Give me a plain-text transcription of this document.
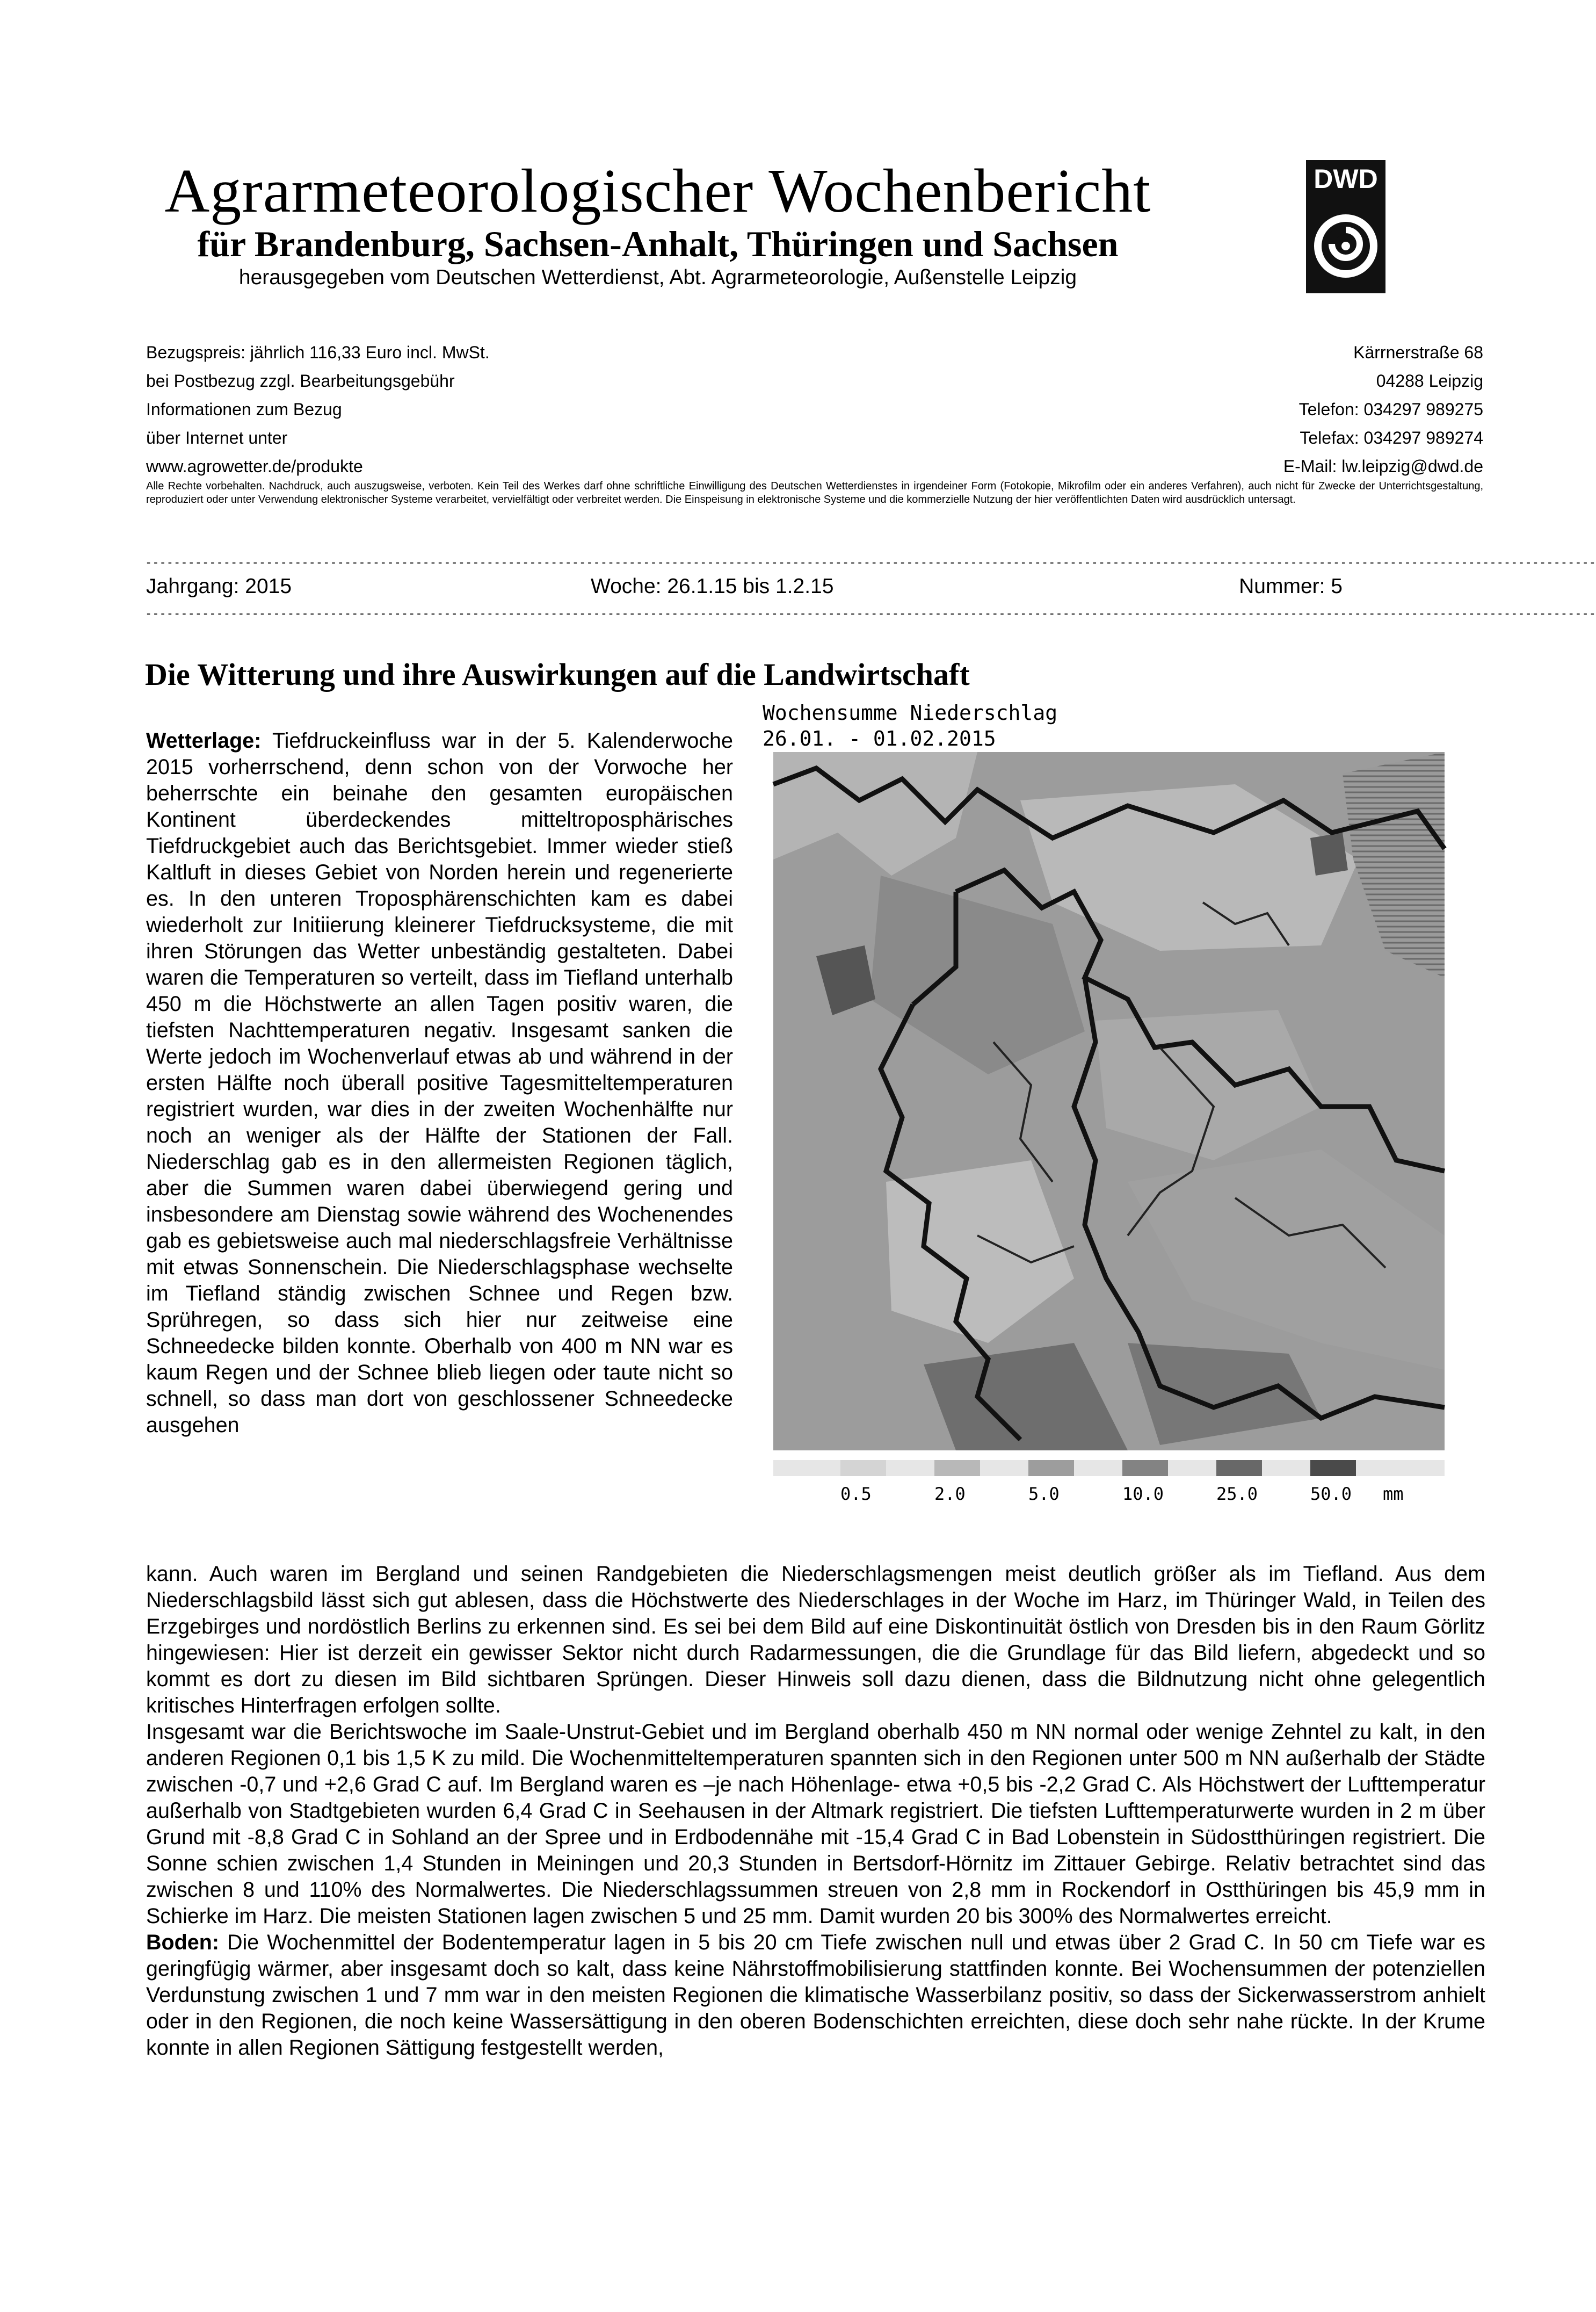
Agrarmeteorologischer Wochenbericht
für Brandenburg, Sachsen-Anhalt, Thüringen und Sachsen
herausgegeben vom Deutschen Wetterdienst, Abt. Agrarmeteorologie, Außenstelle Leipzig
DWD
Bezugspreis: jährlich 116,33 Euro incl. MwSt.
bei Postbezug zzgl. Bearbeitungsgebühr
Informationen zum Bezug
über Internet unter
www.agrowetter.de/produkte
Kärrnerstraße 68
04288 Leipzig
Telefon: 034297 989275
Telefax: 034297 989274
E-Mail: lw.leipzig@dwd.de
Alle Rechte vorbehalten. Nachdruck, auch auszugsweise, verboten. Kein Teil des Werkes darf ohne schriftliche Einwilligung des Deutschen Wetterdienstes in irgendeiner Form (Fotokopie, Mikrofilm oder ein anderes Verfahren), auch nicht für Zwecke der Unterrichtsgestaltung, reproduziert oder unter Verwendung elektronischer Systeme verarbeitet, vervielfältigt oder verbreitet werden. Die Einspeisung in elektronische Systeme und die kommerzielle Nutzung der hier veröffentlichten Daten wird ausdrücklich untersagt.
------------------------------------------------------------------------------------------------------------------------------------------------------------------------------------------------------------
Jahrgang: 2015	Woche: 26.1.15 bis 1.2.15	Nummer: 5
------------------------------------------------------------------------------------------------------------------------------------------------------------------------------------------------------------
Die Witterung und ihre Auswirkungen auf die Landwirtschaft
Wetterlage: Tiefdruckeinfluss war in der 5. Kalenderwoche 2015 vorherrschend, denn schon von der Vorwoche her beherrschte ein beinahe den gesamten europäischen Kontinent überdeckendes mitteltroposphärisches Tiefdruckgebiet auch das Berichtsgebiet. Immer wieder stieß Kaltluft in dieses Gebiet von Norden herein und regenerierte es. In den unteren Troposphärenschichten kam es dabei wiederholt zur Initiierung kleinerer Tiefdrucksysteme, die mit ihren Störungen das Wetter unbeständig gestalteten. Dabei waren die Temperaturen so verteilt, dass im Tiefland unterhalb 450 m die Höchstwerte an allen Tagen positiv waren, die tiefsten Nachttemperaturen negativ. Insgesamt sanken die Werte jedoch im Wochenverlauf etwas ab und während in der ersten Hälfte noch überall positive Tagesmitteltemperaturen registriert wurden, war dies in der zweiten Wochenhälfte nur noch an weniger als der Hälfte der Stationen der Fall. Niederschlag gab es in den allermeisten Regionen täglich, aber die Summen waren dabei überwiegend gering und insbesondere am Dienstag sowie während des Wochenendes gab es gebietsweise auch mal niederschlagsfreie Verhältnisse mit etwas Sonnenschein. Die Niederschlagsphase wechselte im Tiefland ständig zwischen Schnee und Regen bzw. Sprühregen, so dass sich hier nur zeitweise eine Schneedecke bilden konnte. Oberhalb von 400 m NN war es kaum Regen und der Schnee blieb liegen oder taute nicht so schnell, so dass man dort von geschlossener Schneedecke ausgehen
Wochensumme Niederschlag
26.01. - 01.02.2015
0.5	2.0	5.0	10.0	25.0	50.0 mm
kann. Auch waren im Bergland und seinen Randgebieten die Niederschlagsmengen meist deutlich größer als im Tiefland. Aus dem Niederschlagsbild lässt sich gut ablesen, dass die Höchstwerte des Niederschlages in der Woche im Harz, im Thüringer Wald, in Teilen des Erzgebirges und nordöstlich Berlins zu erkennen sind. Es sei bei dem Bild auf eine Diskontinuität östlich von Dresden bis in den Raum Görlitz hingewiesen: Hier ist derzeit ein gewisser Sektor nicht durch Radarmessungen, die die Grundlage für das Bild liefern, abgedeckt und so kommt es dort zu diesen im Bild sichtbaren Sprüngen. Dieser Hinweis soll dazu dienen, dass die Bildnutzung nicht ohne gelegentlich kritisches Hinterfragen erfolgen sollte.
Insgesamt war die Berichtswoche im Saale-Unstrut-Gebiet und im Bergland oberhalb 450 m NN normal oder wenige Zehntel zu kalt, in den anderen Regionen 0,1 bis 1,5 K zu mild. Die Wochenmitteltemperaturen spannten sich in den Regionen unter 500 m NN außerhalb der Städte zwischen -0,7 und +2,6 Grad C auf. Im Bergland waren es –je nach Höhenlage- etwa +0,5 bis -2,2 Grad C. Als Höchstwert der Lufttemperatur außerhalb von Stadtgebieten wurden 6,4 Grad C in Seehausen in der Altmark registriert. Die tiefsten Lufttemperaturwerte wurden in 2 m über Grund mit -8,8 Grad C in Sohland an der Spree und in Erdbodennähe mit -15,4 Grad C in Bad Lobenstein in Südostthüringen registriert. Die Sonne schien zwischen 1,4 Stunden in Meiningen und 20,3 Stunden in Bertsdorf-Hörnitz im Zittauer Gebirge. Relativ betrachtet sind das zwischen 8 und 110% des Normalwertes. Die Niederschlagssummen streuen von 2,8 mm in Rockendorf in Ostthüringen bis 45,9 mm in Schierke im Harz. Die meisten Stationen lagen zwischen 5 und 25 mm. Damit wurden 20 bis 300% des Normalwertes erreicht.
Boden: Die Wochenmittel der Bodentemperatur lagen in 5 bis 20 cm Tiefe zwischen null und etwas über 2 Grad C. In 50 cm Tiefe war es geringfügig wärmer, aber insgesamt doch so kalt, dass keine Nährstoffmobilisierung stattfinden konnte. Bei Wochensummen der potenziellen Verdunstung zwischen 1 und 7 mm war in den meisten Regionen die klimatische Wasserbilanz positiv, so dass der Sickerwasserstrom anhielt oder in den Regionen, die noch keine Wassersättigung in den oberen Bodenschichten erreichten, diese doch sehr nahe rückte. In der Krume konnte in allen Regionen Sättigung festgestellt werden,
